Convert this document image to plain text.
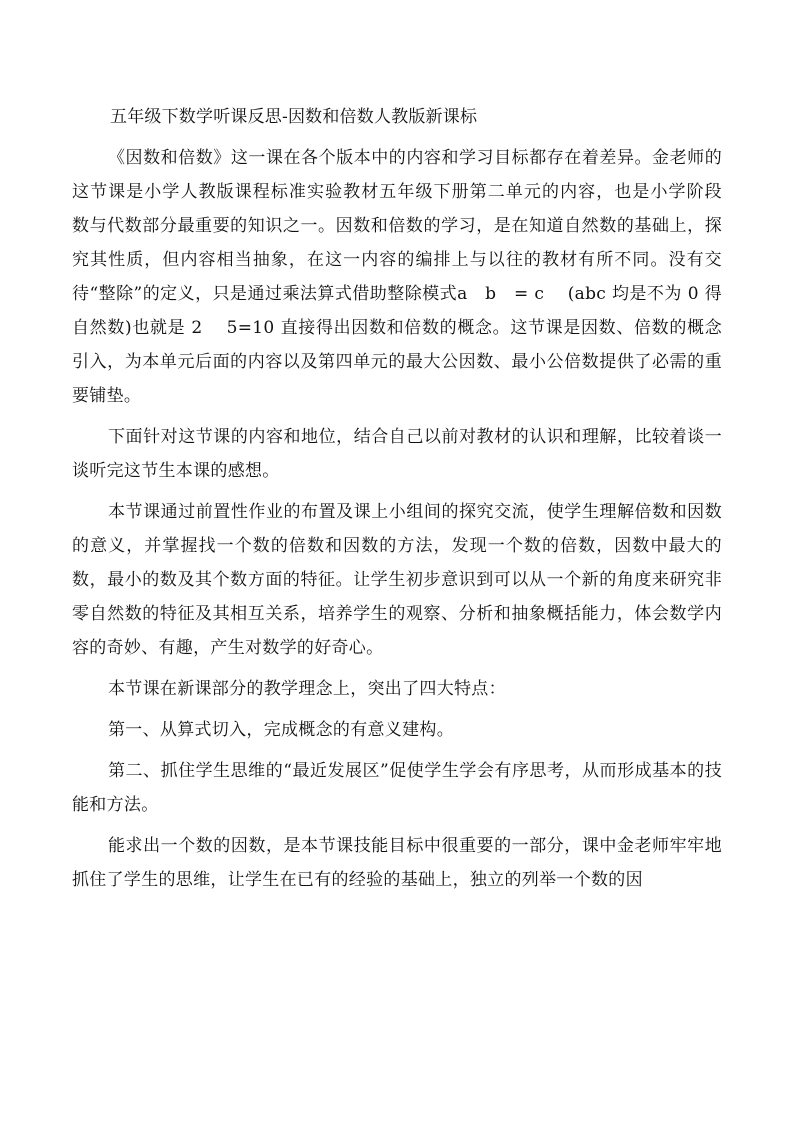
五年级下数学听课反思-因数和倍数人教版新课标

《因数和倍数》这一课在各个版本中的内容和学习目标都存在着差异。金老师的这节课是小学人教版课程标准实验教材五年级下册第二单元的内容，也是小学阶段　数与代数部分最重要的知识之一。因数和倍数的学习，是在知道自然数的基础上，探究其性质，但内容相当抽象，在这一内容的编排上与以往的教材有所不同。没有交待“整除”的定义，只是通过乘法算式借助整除模式a　b　= c　 (abc 均是不为 0 得自然数)也就是 2　 5=10 直接得出因数和倍数的概念。这节课是因数、倍数的概念引入，为本单元后面的内容以及第四单元的最大公因数、最小公倍数提供了必需的重要铺垫。

下面针对这节课的内容和地位，结合自己以前对教材的认识和理解，比较着谈一谈听完这节生本课的感想。

本节课通过前置性作业的布置及课上小组间的探究交流，使学生理解倍数和因数的意义，并掌握找一个数的倍数和因数的方法，发现一个数的倍数，因数中最大的数，最小的数及其个数方面的特征。让学生初步意识到可以从一个新的角度来研究非零自然数的特征及其相互关系，培养学生的观察、分析和抽象概括能力，体会数学内容的奇妙、有趣，产生对数学的好奇心。

本节课在新课部分的教学理念上，突出了四大特点：

第一、从算式切入，完成概念的有意义建构。

第二、抓住学生思维的“最近发展区”促使学生学会有序思考，从而形成基本的技能和方法。

能求出一个数的因数，是本节课技能目标中很重要的一部分，课中金老师牢牢地抓住了学生的思维，让学生在已有的经验的基础上，独立的列举一个数的因
